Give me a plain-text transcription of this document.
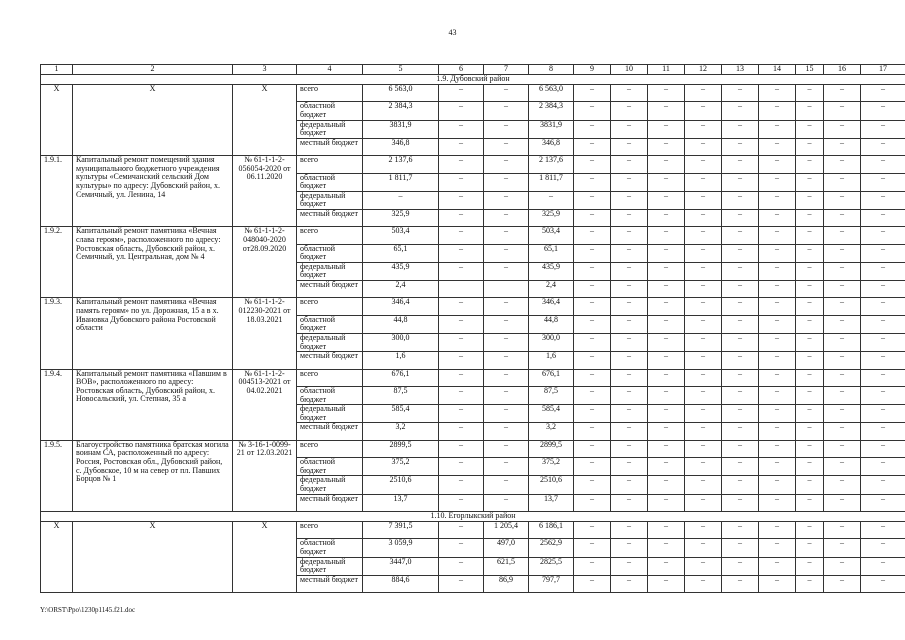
43
1	2	3	4	5	6	7	8	9	10	11	12	13	14	15	16	17
1.9. Дубовский район																
X	X	X	всего	6 563,0	–	–	6 563,0	–	–	–	–	–	–	–	–	–
			областной бюджет	2 384,3	–	–	2 384,3	–	–	–	–	–	–	–	–	–
			федеральный бюджет	3831,9	–	–	3831,9	–	–	–	–	–	–	–	–	–
			местный бюджет	346,8	–	–	346,8	–	–	–	–	–	–	–	–	–
1.9.1.	Капитальный ремонт помещений здания муниципального бюджетного учреждения культуры «Семичанский сельский Дом культуры» по адресу: Дубовский район, х. Семичный, ул. Ленина, 14	№ 61-1-1-2-056054-2020 от 06.11.2020	всего	2 137,6	–	–	2 137,6	–	–	–	–	–	–	–	–	–
			областной бюджет	1 811,7	–	–	1 811,7	–	–	–	–	–	–	–	–	–
			федеральный бюджет	–	–	–	–	–	–	–	–	–	–	–	–	–
			местный бюджет	325,9	–	–	325,9	–	–	–	–	–	–	–	–	–
1.9.2.	Капитальный ремонт памятника «Вечная слава героям», расположенного по адресу: Ростовская область, Дубовский район, х. Семичный, ул. Центральная, дом № 4	№ 61-1-1-2-048040-2020 от28.09.2020	всего	503,4	–	–	503,4	–	–	–	–	–	–	–	–	–
			областной бюджет	65,1	–	–	65,1	–	–	–	–	–	–	–	–	–
			федеральный бюджет	435,9	–	–	435,9	–	–	–	–	–	–	–	–	–
			местный бюджет	2,4			2,4	–	–	–	–	–	–	–	–	–
1.9.3.	Капитальный ремонт памятника «Вечная память героям» по ул. Дорожная, 15 а в х. Ивановка Дубовского района Ростовской области	№ 61-1-1-2-012230-2021 от 18.03.2021	всего	346,4	–	–	346,4	–	–	–	–	–	–	–	–	–
			областной бюджет	44,8	–	–	44,8	–	–	–	–	–	–	–	–	–
			федеральный бюджет	300,0	–	–	300,0	–	–	–	–	–	–	–	–	–
			местный бюджет	1,6	–	–	1,6	–	–	–	–	–	–	–	–	–
1.9.4.	Капитальный ремонт памятника «Павшим в ВОВ», расположенного по адресу: Ростовская область, Дубовский район, х. Новосальский, ул. Степная, 35 а	№ 61-1-1-2-004513-2021 от 04.02.2021	всего	676,1	–	–	676,1	–	–	–	–	–	–	–	–	–
			областной бюджет	87,5	–	–	87,5	–	–	–	–	–	–	–	–	–
			федеральный бюджет	585,4	–	–	585,4	–	–	–	–	–	–	–	–	–
			местный бюджет	3,2	–	–	3,2	–	–	–	–	–	–	–	–	–
1.9.5.	Благоустройство памятника братская могила воинам СА, расположенный по адресу: Россия, Ростовская обл., Дубовский район, с. Дубовское, 10 м на север от пл. Павших Борцов № 1	№ 3-16-1-0099-21 от 12.03.2021	всего	2899,5	–	–	2899,5	–	–	–	–	–	–	–	–	–
			областной бюджет	375,2	–	–	375,2	–	–	–	–	–	–	–	–	–
			федеральный бюджет	2510,6	–	–	2510,6	–	–	–	–	–	–	–	–	–
			местный бюджет	13,7	–	–	13,7	–	–	–	–	–	–	–	–	–
1.10. Егорлыкский район																
X	X	X	всего	7 391,5	–	1 205,4	6 186,1	–	–	–	–	–	–	–	–	–
			областной бюджет	3 059,9	–	497,0	2562,9	–	–	–	–	–	–	–	–	–
			федеральный бюджет	3447,0	–	621,5	2825,5	–	–	–	–	–	–	–	–	–
			местный бюджет	884,6	–	86,9	797,7	–	–	–	–	–	–	–	–	–
Y:\ORST\Ppo\1230p1145.f21.doc
